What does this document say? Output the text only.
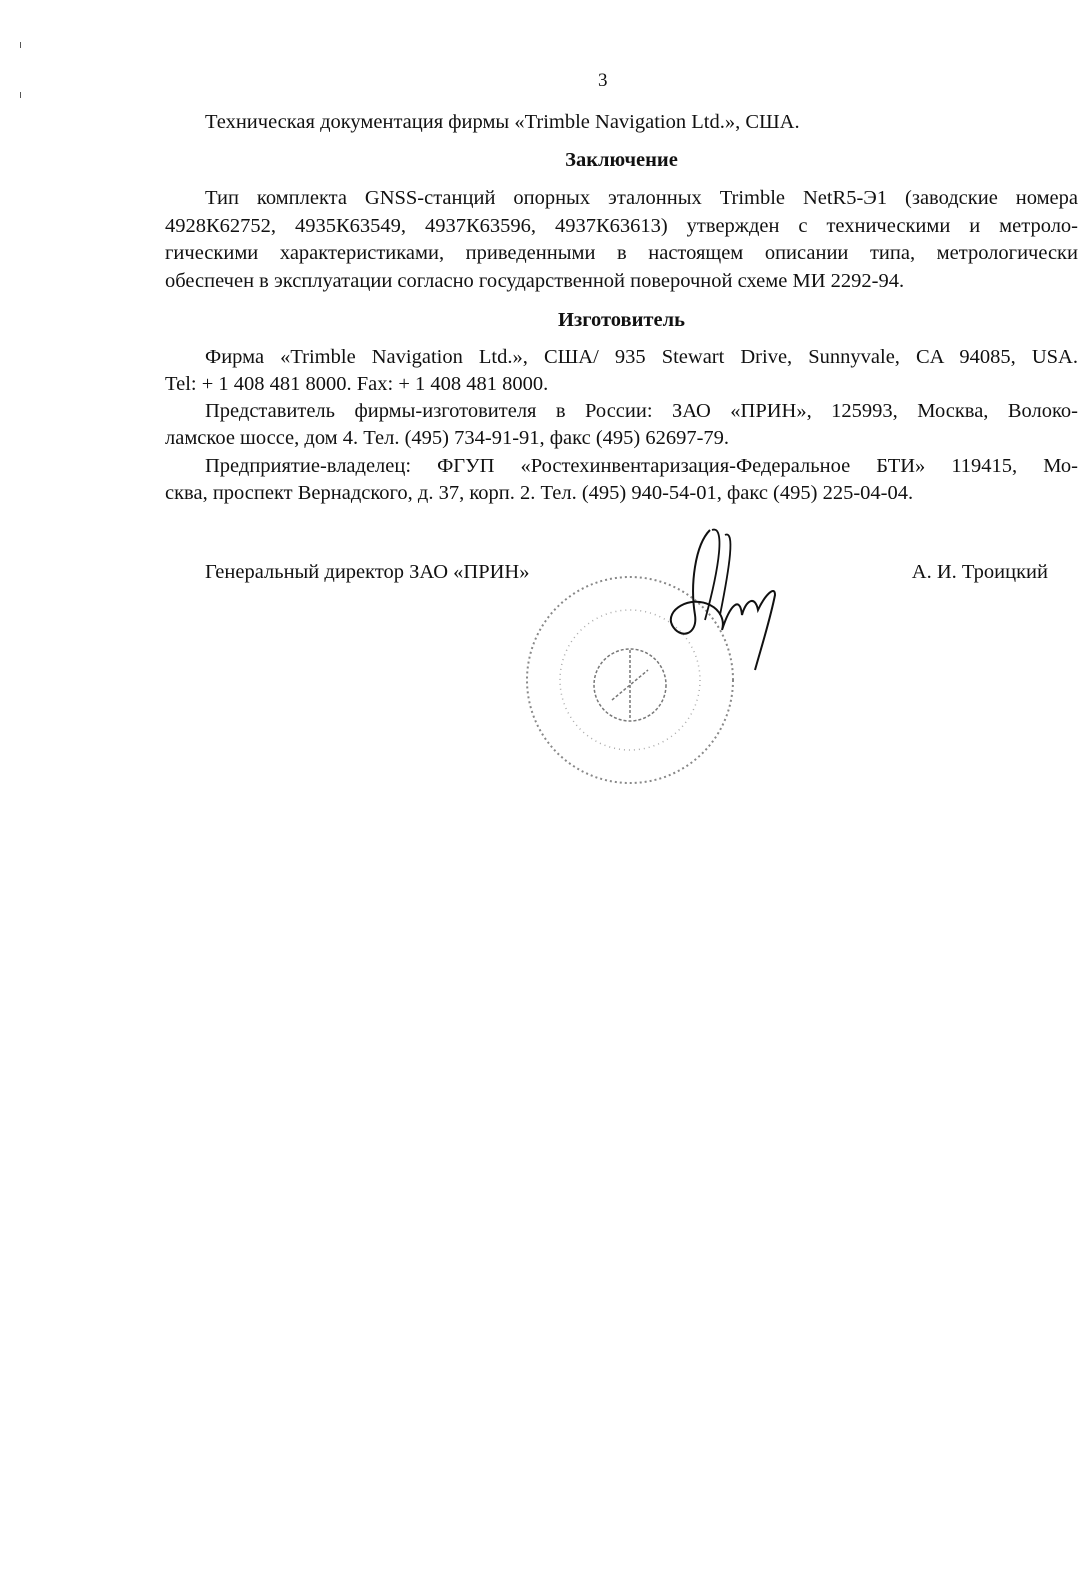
3
Техническая документация фирмы «Trimble Navigation Ltd.», США.
Заключение
Тип комплекта GNSS-станций опорных эталонных Trimble NetR5-Э1 (заводские номера
4928К62752, 4935К63549, 4937К63596, 4937К63613) утвержден с техническими и метроло-
гическими характеристиками, приведенными в настоящем описании типа, метрологически
обеспечен в эксплуатации согласно государственной поверочной схеме МИ 2292-94.
Изготовитель
Фирма «Trimble Navigation Ltd.», США/ 935 Stewart Drive, Sunnyvale, CA 94085, USA.
Tel: + 1 408 481 8000. Fax: + 1 408 481 8000.
Представитель фирмы-изготовителя в России: ЗАО «ПРИН», 125993, Москва, Волоко-
ламское шоссе, дом 4. Тел. (495) 734-91-91, факс (495) 62697-79.
Предприятие-владелец: ФГУП «Ростехинвентаризация-Федеральное БТИ» 119415, Мо-
сква, проспект Вернадского, д. 37, корп. 2. Тел. (495) 940-54-01, факс (495) 225-04-04.
Генеральный директор ЗАО «ПРИН»	А. И. Троицкий
